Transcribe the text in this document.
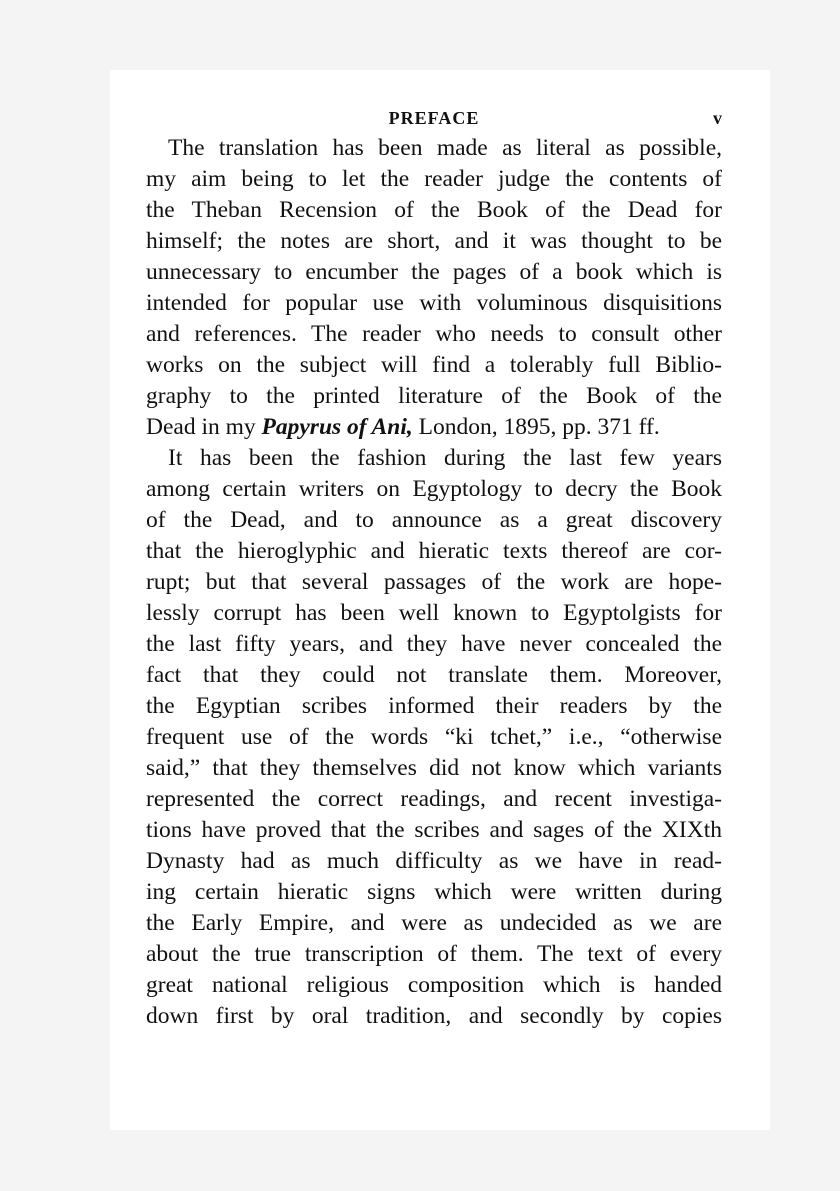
PREFACE	v
The translation has been made as literal as possible,
my aim being to let the reader judge the contents of
the Theban Recension of the Book of the Dead for
himself; the notes are short, and it was thought to be
unnecessary to encumber the pages of a book which is
intended for popular use with voluminous disquisitions
and references. The reader who needs to consult other
works on the subject will find a tolerably full Biblio-
graphy to the printed literature of the Book of the
Dead in my Papyrus of Ani, London, 1895, pp. 371 ff.
It has been the fashion during the last few years
among certain writers on Egyptology to decry the Book
of the Dead, and to announce as a great discovery
that the hieroglyphic and hieratic texts thereof are cor-
rupt; but that several passages of the work are hope-
lessly corrupt has been well known to Egyptolgists for
the last fifty years, and they have never concealed the
fact that they could not translate them. Moreover,
the Egyptian scribes informed their readers by the
frequent use of the words “ki tchet,” i.e., “otherwise
said,” that they themselves did not know which variants
represented the correct readings, and recent investiga-
tions have proved that the scribes and sages of the XIXth
Dynasty had as much difficulty as we have in read-
ing certain hieratic signs which were written during
the Early Empire, and were as undecided as we are
about the true transcription of them. The text of every
great national religious composition which is handed
down first by oral tradition, and secondly by copies
